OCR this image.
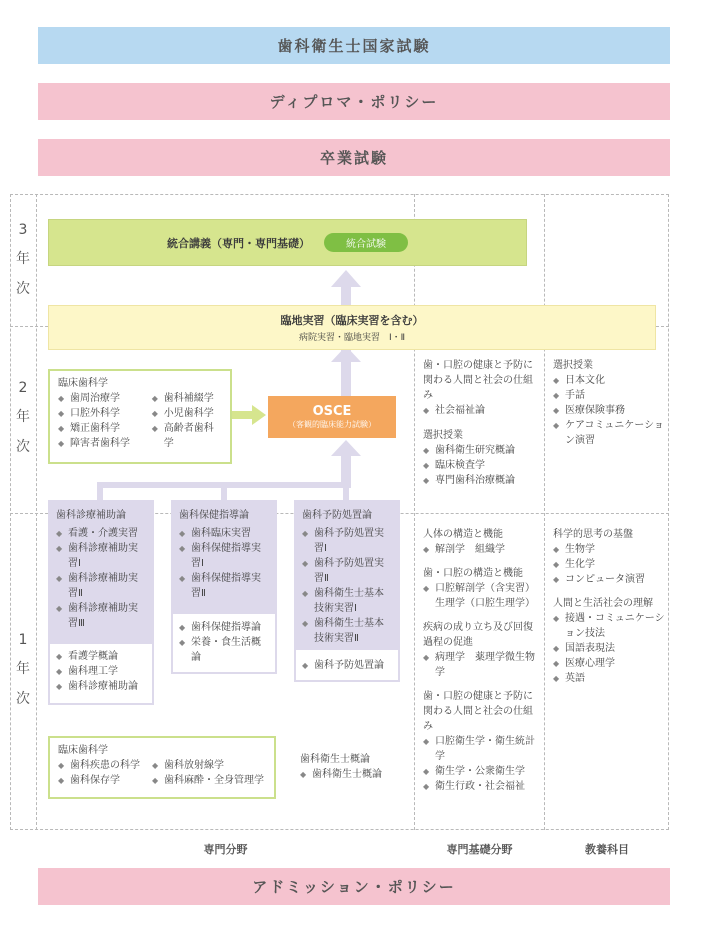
歯科衛生士国家試験
ディプロマ・ポリシー
卒業試験
3
年
次
2
年
次
1
年
次
統合講義（専門・専門基礎）	統合試験
臨地実習（臨床実習を含む）
病院実習・臨地実習　Ⅰ・Ⅱ
OSCE
（客観的臨床能力試験）
臨床歯科学
◆ 歯周治療学
◆ 口腔外科学
◆ 矯正歯科学
◆ 障害者歯科学
◆ 歯科補綴学
◆ 小児歯科学
◆ 高齢者歯科学
歯科診療補助論
◆ 看護・介護実習
◆ 歯科診療補助実習Ⅰ
◆ 歯科診療補助実習Ⅱ
◆ 歯科診療補助実習Ⅲ
◆ 看護学概論
◆ 歯科理工学
◆ 歯科診療補助論
歯科保健指導論
◆ 歯科臨床実習
◆ 歯科保健指導実習Ⅰ
◆ 歯科保健指導実習Ⅱ
◆ 歯科保健指導論
◆ 栄養・食生活概論
歯科予防処置論
◆ 歯科予防処置実習Ⅰ
◆ 歯科予防処置実習Ⅱ
◆ 歯科衛生士基本技術実習Ⅰ
◆ 歯科衛生士基本技術実習Ⅱ
◆ 歯科予防処置論
臨床歯科学
◆ 歯科疾患の科学
◆ 歯科保存学
◆ 歯科放射線学
◆ 歯科麻酔・全身管理学
歯科衛生士概論
◆ 歯科衛生士概論
歯・口腔の健康と予防に関わる人間と社会の仕組み
◆ 社会福祉論
選択授業
◆ 歯科衛生研究概論
◆ 臨床検査学
◆ 専門歯科治療概論
人体の構造と機能
◆ 解剖学　組織学
歯・口腔の構造と機能
◆ 口腔解剖学（含実習）生理学（口腔生理学）
疾病の成り立ち及び回復過程の促進
◆ 病理学　薬理学微生物学
歯・口腔の健康と予防に関わる人間と社会の仕組み
◆ 口腔衛生学・衛生統計学
◆ 衛生学・公衆衛生学
◆ 衛生行政・社会福祉
選択授業
◆ 日本文化
◆ 手話
◆ 医療保険事務
◆ ケアコミュニケーション演習
科学的思考の基盤
◆ 生物学
◆ 生化学
◆ コンピュータ演習
人間と生活社会の理解
◆ 接遇・コミュニケーション技法
◆ 国語表現法
◆ 医療心理学
◆ 英語
専門分野	専門基礎分野	教養科目
アドミッション・ポリシー
